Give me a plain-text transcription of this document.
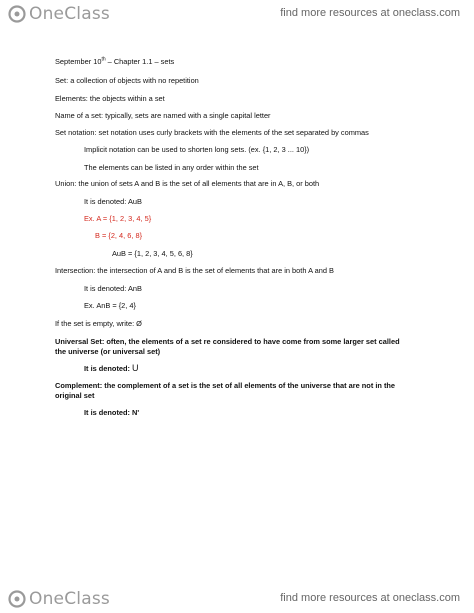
OneClass	find more resources at oneclass.com
September 10th – Chapter 1.1 – sets
Set: a collection of objects with no repetition
Elements: the objects within a set
Name of a set: typically, sets are named with a single capital letter
Set notation: set notation uses curly brackets with the elements of the set separated by commas
Implicit notation can be used to shorten long sets. (ex. {1, 2, 3 ... 10})
The elements can be listed in any order within the set
Union: the union of sets A and B is the set of all elements that are in A, B, or both
It is denoted: AuB
Ex. A = {1, 2, 3, 4, 5}
B = {2, 4, 6, 8}
AuB = {1, 2, 3, 4, 5, 6, 8}
Intersection: the intersection of A and B is the set of elements that are in both A and B
It is denoted: AnB
Ex. AnB = {2, 4}
If the set is empty, write: Ø
Universal Set: often, the elements of a set re considered to have come from some larger set called
the universe (or universal set)
It is denoted: U
Complement: the complement of a set is the set of all elements of the universe that are not in the
original set
It is denoted: N'
OneClass	find more resources at oneclass.com
